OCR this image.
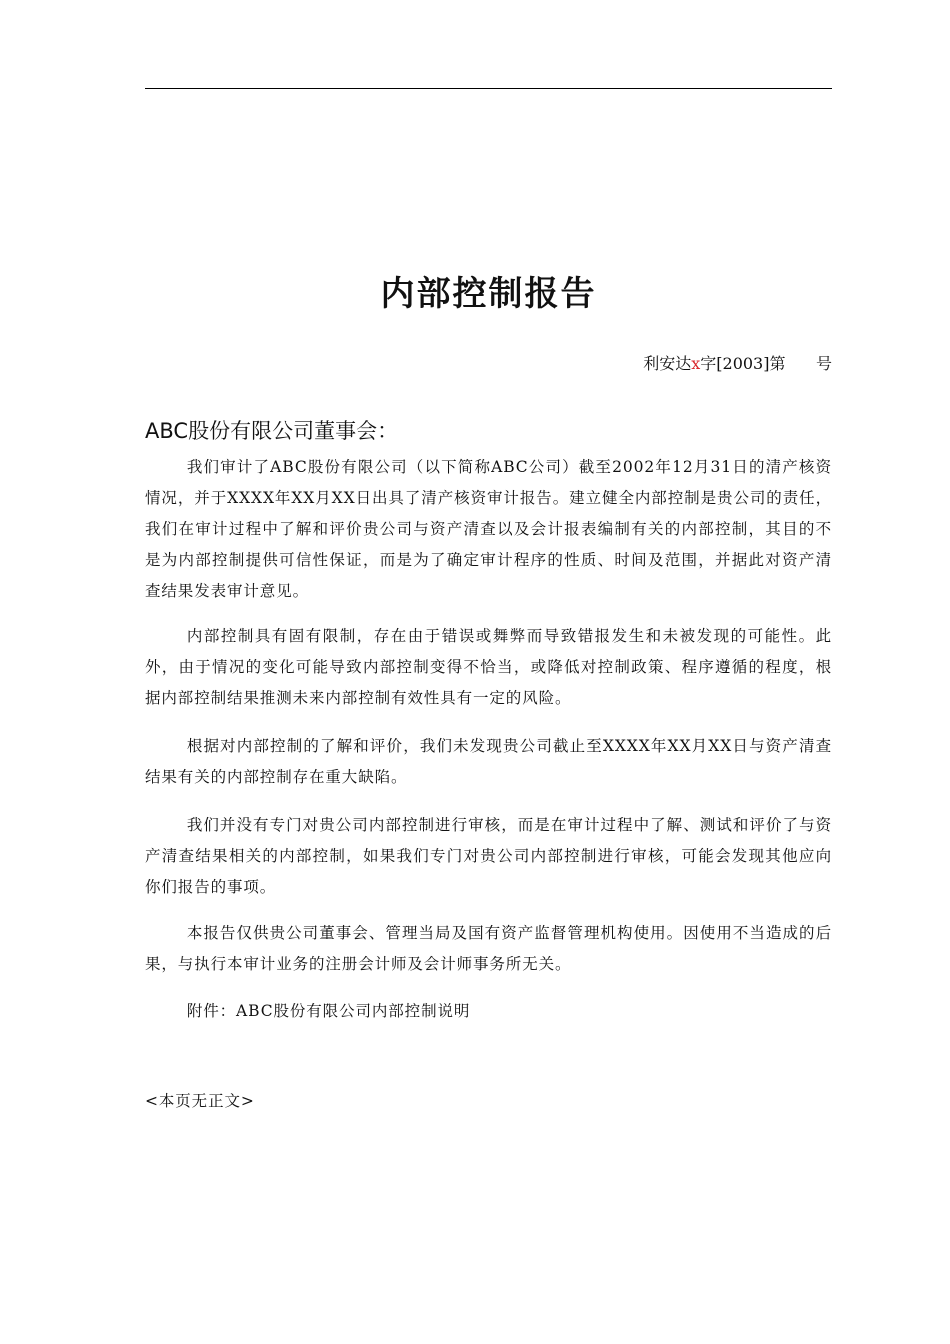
内部控制报告
利安达x字[2003]第      号
ABC股份有限公司董事会：

我们审计了ABC股份有限公司（以下简称ABC公司）截至2002年12月31日的清产核资情况，并于XXXX年XX月XX日出具了清产核资审计报告。建立健全内部控制是贵公司的责任，我们在审计过程中了解和评价贵公司与资产清查以及会计报表编制有关的内部控制，其目的不是为内部控制提供可信性保证，而是为了确定审计程序的性质、时间及范围，并据此对资产清查结果发表审计意见。

内部控制具有固有限制，存在由于错误或舞弊而导致错报发生和未被发现的可能性。此外，由于情况的变化可能导致内部控制变得不恰当，或降低对控制政策、程序遵循的程度，根据内部控制结果推测未来内部控制有效性具有一定的风险。

根据对内部控制的了解和评价，我们未发现贵公司截止至XXXX年XX月XX日与资产清查结果有关的内部控制存在重大缺陷。

我们并没有专门对贵公司内部控制进行审核，而是在审计过程中了解、测试和评价了与资产清查结果相关的内部控制，如果我们专门对贵公司内部控制进行审核，可能会发现其他应向你们报告的事项。

本报告仅供贵公司董事会、管理当局及国有资产监督管理机构使用。因使用不当造成的后果，与执行本审计业务的注册会计师及会计师事务所无关。

附件：ABC股份有限公司内部控制说明

<本页无正文>
